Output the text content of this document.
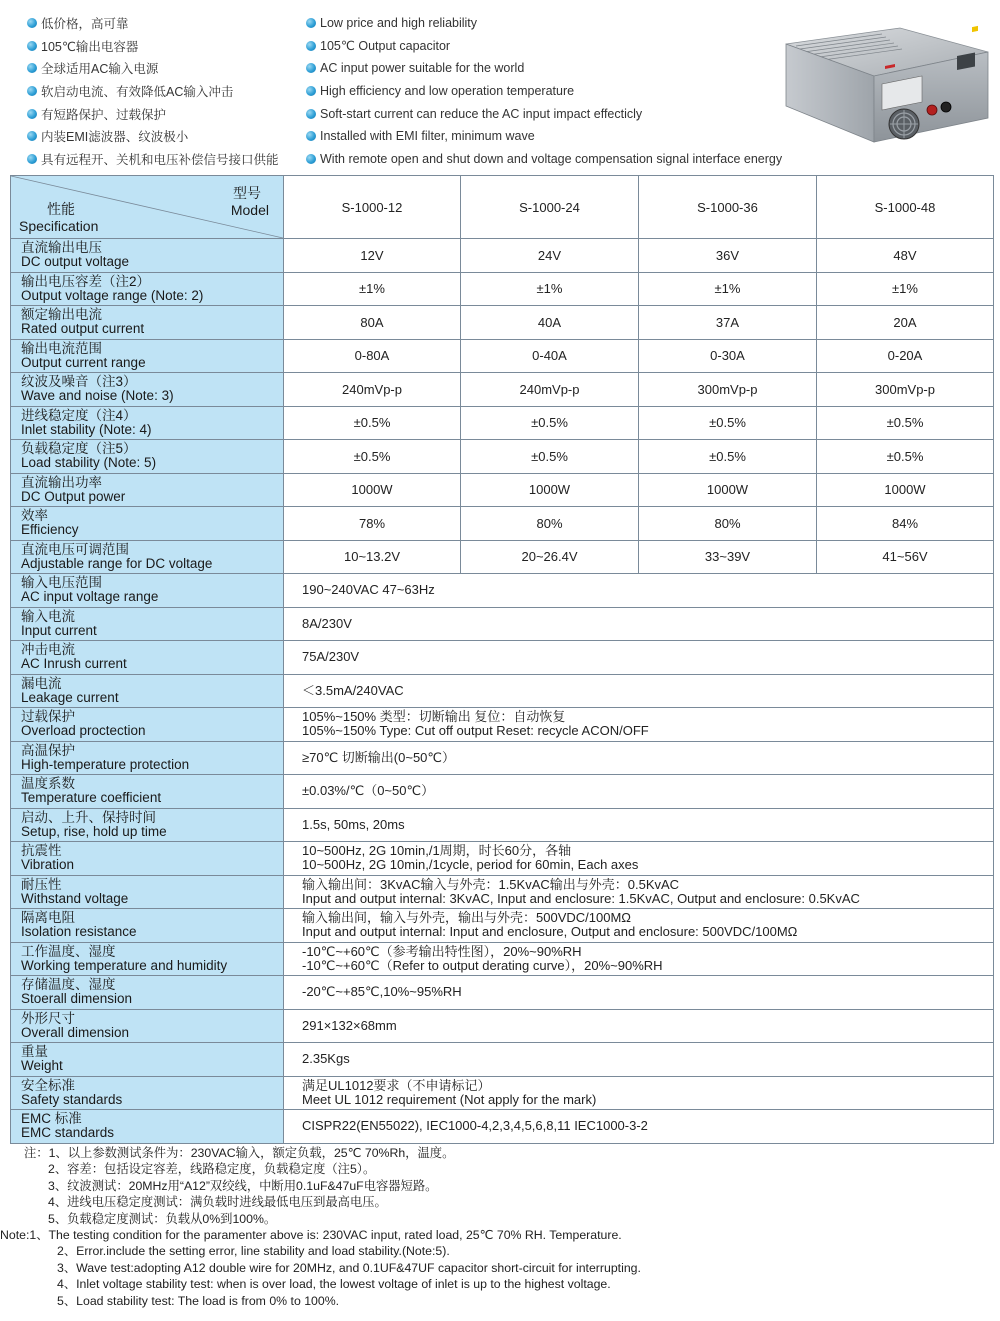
低价格，高可靠
105℃输出电容器
全球适用AC输入电源
软启动电流、有效降低AC输入冲击
有短路保护、过载保护
内装EMI滤波器、纹波极小
具有远程开、关机和电压补偿信号接口供能
Low price and high reliability
105℃ Output capacitor
AC input power suitable for the world
High efficiency and low operation temperature
Soft-start current can reduce the AC input impact effecticly
Installed with EMI filter, minimum wave
With remote open and shut down and voltage compensation signal interface energy
型号
Model
性能
Specification	S-1000-12	S-1000-24	S-1000-36	S-1000-48

直流输出电压
DC output voltage	12V	24V	36V	48V

输出电压容差（注2）
Output voltage range (Note: 2)	±1%	±1%	±1%	±1%

额定输出电流
Rated output current	80A	40A	37A	20A

输出电流范围
Output current range	0-80A	0-40A	0-30A	0-20A

纹波及噪音（注3）
Wave and noise (Note: 3)	240mVp-p	240mVp-p	300mVp-p	300mVp-p

进线稳定度（注4）
Inlet stability (Note: 4)	±0.5%	±0.5%	±0.5%	±0.5%

负载稳定度（注5）
Load stability (Note: 5)	±0.5%	±0.5%	±0.5%	±0.5%

直流输出功率
DC Output power	1000W	1000W	1000W	1000W

效率
Efficiency	78%	80%	80%	84%

直流电压可调范围
Adjustable range for DC voltage	10~13.2V	20~26.4V	33~39V	41~56V

输入电压范围
AC input voltage range	190~240VAC 47~63Hz			

输入电流
Input current	8A/230V			

冲击电流
AC Inrush current	75A/230V			

漏电流
Leakage current	＜3.5mA/240VAC			

过载保护
Overload proctection	105%~150% 类型：切断输出 复位：自动恢复
105%~150% Type: Cut off output Reset: recycle ACON/OFF			

高温保护
High-temperature protection	≥70℃ 切断输出(0~50℃）			

温度系数
Temperature coefficient	±0.03%/℃（0~50℃）			

启动、上升、保持时间
Setup, rise, hold up time	1.5s, 50ms, 20ms			

抗震性
Vibration	10~500Hz, 2G 10min,/1周期，时长60分，各轴
10~500Hz, 2G 10min,/1cycle, period for 60min, Each axes			

耐压性
Withstand voltage	输入输出间：3KvAC输入与外壳：1.5KvAC输出与外壳：0.5KvAC
Input and output internal: 3KvAC, Input and enclosure: 1.5KvAC, Output and enclosure: 0.5KvAC			

隔离电阻
Isolation resistance	输入输出间，输入与外壳，输出与外壳：500VDC/100MΩ
Input and output internal: Input and enclosure, Output and enclosure: 500VDC/100MΩ			

工作温度、湿度
Working temperature and humidity	-10℃~+60℃（参考输出特性图），20%~90%RH
-10℃~+60℃（Refer to output derating curve），20%~90%RH			

存储温度、湿度
Stoerall dimension	-20℃~+85℃,10%~95%RH			

外形尺寸
Overall dimension	291×132×68mm			

重量
Weight	2.35Kgs			

安全标准
Safety standards	满足UL1012要求（不申请标记）
Meet UL 1012 requirement (Not apply for the mark)			

EMC 标准
EMC standards	CISPR22(EN55022), IEC1000-4,2,3,4,5,6,8,11 IEC1000-3-2			
注：1、以上参数测试条件为：230VAC输入，额定负载，25℃ 70%Rh，温度。
2、容差：包括设定容差，线路稳定度，负载稳定度（注5）。
3、纹波测试：20MHz用“A12”双绞线，中断用0.1uF&47uF电容器短路。
4、进线电压稳定度测试：满负载时进线最低电压到最高电压。
5、负载稳定度测试：负载从0%到100%。
Note:1、The testing condition for the paramenter above is: 230VAC input, rated load, 25℃ 70% RH. Temperature.
2、Error.include the setting error, line stability and load stability.(Note:5).
3、Wave test:adopting A12 double wire for 20MHz, and 0.1UF&47UF capacitor short-circuit for interrupting.
4、Inlet voltage stability test: when is over load, the lowest voltage of inlet is up to the highest voltage.
5、Load stability test: The load is from 0% to 100%.
